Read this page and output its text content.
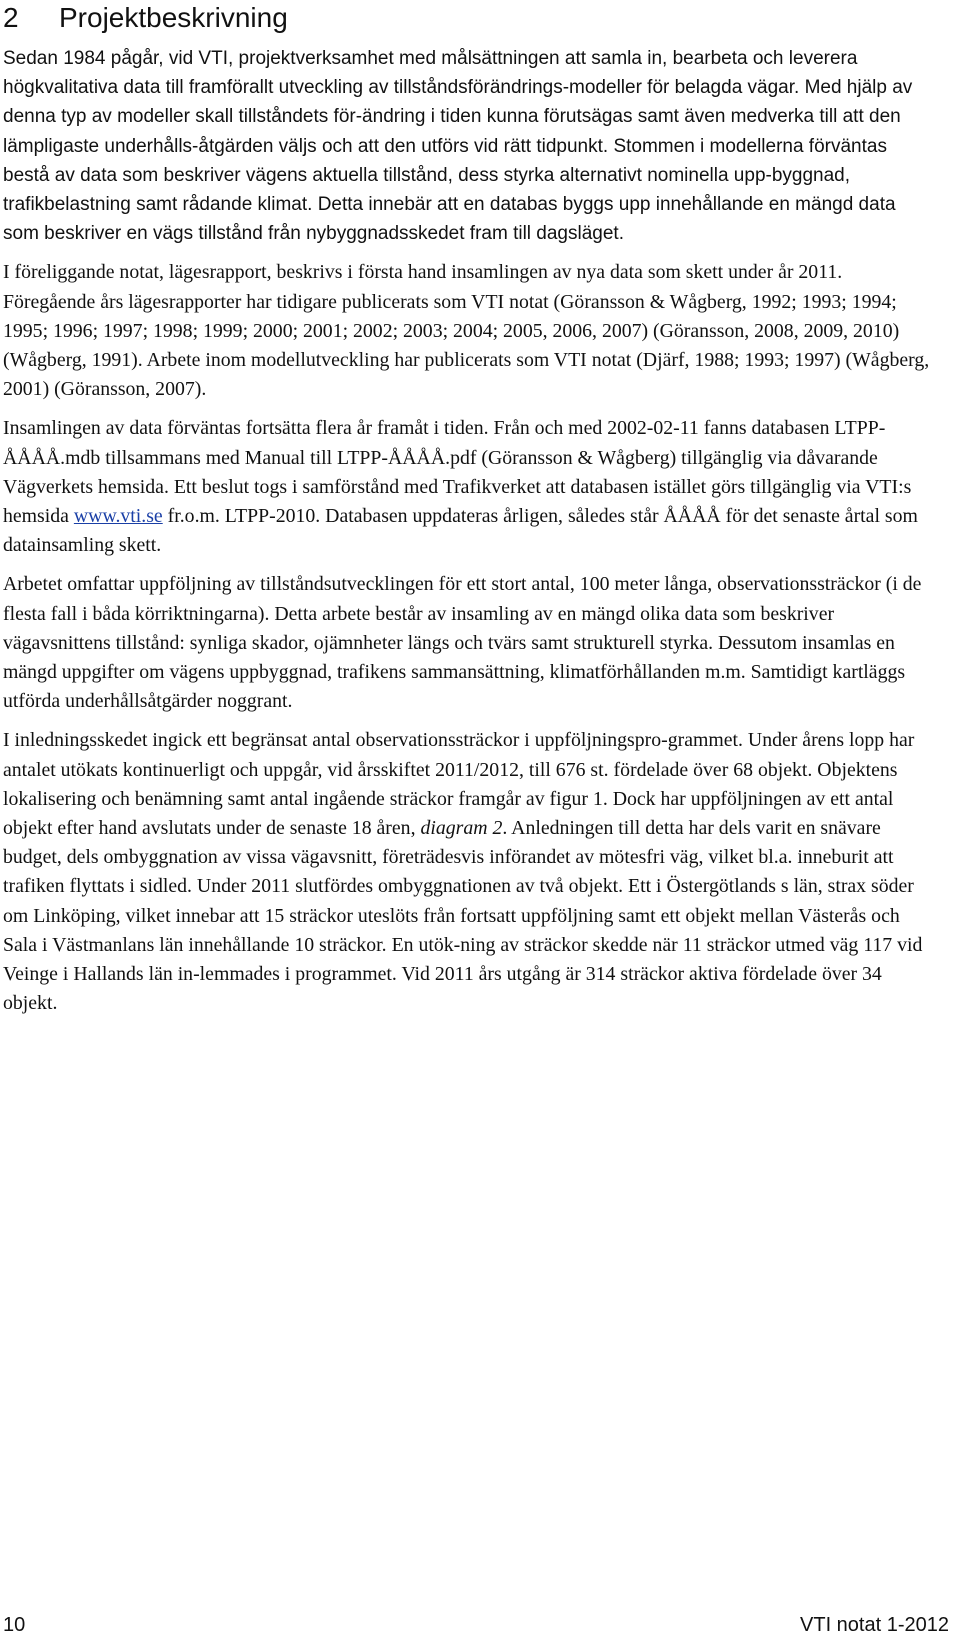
2 Projektbeskrivning

Sedan 1984 pågår, vid VTI, projektverksamhet med målsättningen att samla in, bearbeta och leverera högkvalitativa data till framförallt utveckling av tillståndsförändrings-modeller för belagda vägar. Med hjälp av denna typ av modeller skall tillståndets för-ändring i tiden kunna förutsägas samt även medverka till att den lämpligaste underhålls-åtgärden väljs och att den utförs vid rätt tidpunkt. Stommen i modellerna förväntas bestå av data som beskriver vägens aktuella tillstånd, dess styrka alternativt nominella upp-byggnad, trafikbelastning samt rådande klimat. Detta innebär att en databas byggs upp innehållande en mängd data som beskriver en vägs tillstånd från nybyggnadsskedet fram till dagsläget.

I föreliggande notat, lägesrapport, beskrivs i första hand insamlingen av nya data som skett under år 2011. Föregående års lägesrapporter har tidigare publicerats som VTI notat (Göransson & Wågberg, 1992; 1993; 1994; 1995; 1996; 1997; 1998; 1999; 2000; 2001; 2002; 2003; 2004; 2005, 2006, 2007) (Göransson, 2008, 2009, 2010) (Wågberg, 1991). Arbete inom modellutveckling har publicerats som VTI notat (Djärf, 1988; 1993; 1997) (Wågberg, 2001) (Göransson, 2007).

Insamlingen av data förväntas fortsätta flera år framåt i tiden. Från och med 2002-02-11 fanns databasen LTPP-ÅÅÅÅ.mdb tillsammans med Manual till LTPP-ÅÅÅÅ.pdf (Göransson & Wågberg) tillgänglig via dåvarande Vägverkets hemsida. Ett beslut togs i samförstånd med Trafikverket att databasen istället görs tillgänglig via VTI:s hemsida www.vti.se fr.o.m. LTPP-2010. Databasen uppdateras årligen, således står ÅÅÅÅ för det senaste årtal som datainsamling skett.

Arbetet omfattar uppföljning av tillståndsutvecklingen för ett stort antal, 100 meter långa, observationssträckor (i de flesta fall i båda körriktningarna). Detta arbete består av insamling av en mängd olika data som beskriver vägavsnittens tillstånd: synliga skador, ojämnheter längs och tvärs samt strukturell styrka. Dessutom insamlas en mängd uppgifter om vägens uppbyggnad, trafikens sammansättning, klimatförhållanden m.m. Samtidigt kartläggs utförda underhållsåtgärder noggrant.

I inledningsskedet ingick ett begränsat antal observationssträckor i uppföljningspro-grammet. Under årens lopp har antalet utökats kontinuerligt och uppgår, vid årsskiftet 2011/2012, till 676 st. fördelade över 68 objekt. Objektens lokalisering och benämning samt antal ingående sträckor framgår av figur 1. Dock har uppföljningen av ett antal objekt efter hand avslutats under de senaste 18 åren, diagram 2. Anledningen till detta har dels varit en snävare budget, dels ombyggnation av vissa vägavsnitt, företrädesvis införandet av mötesfri väg, vilket bl.a. inneburit att trafiken flyttats i sidled. Under 2011 slutfördes ombyggnationen av två objekt. Ett i Östergötlands s län, strax söder om Linköping, vilket innebar att 15 sträckor uteslöts från fortsatt uppföljning samt ett objekt mellan Västerås och Sala i Västmanlans län innehållande 10 sträckor. En utök-ning av sträckor skedde när 11 sträckor utmed väg 117 vid Veinge i Hallands län in-lemmades i programmet. Vid 2011 års utgång är 314 sträckor aktiva fördelade över 34 objekt.

10	VTI notat 1-2012
